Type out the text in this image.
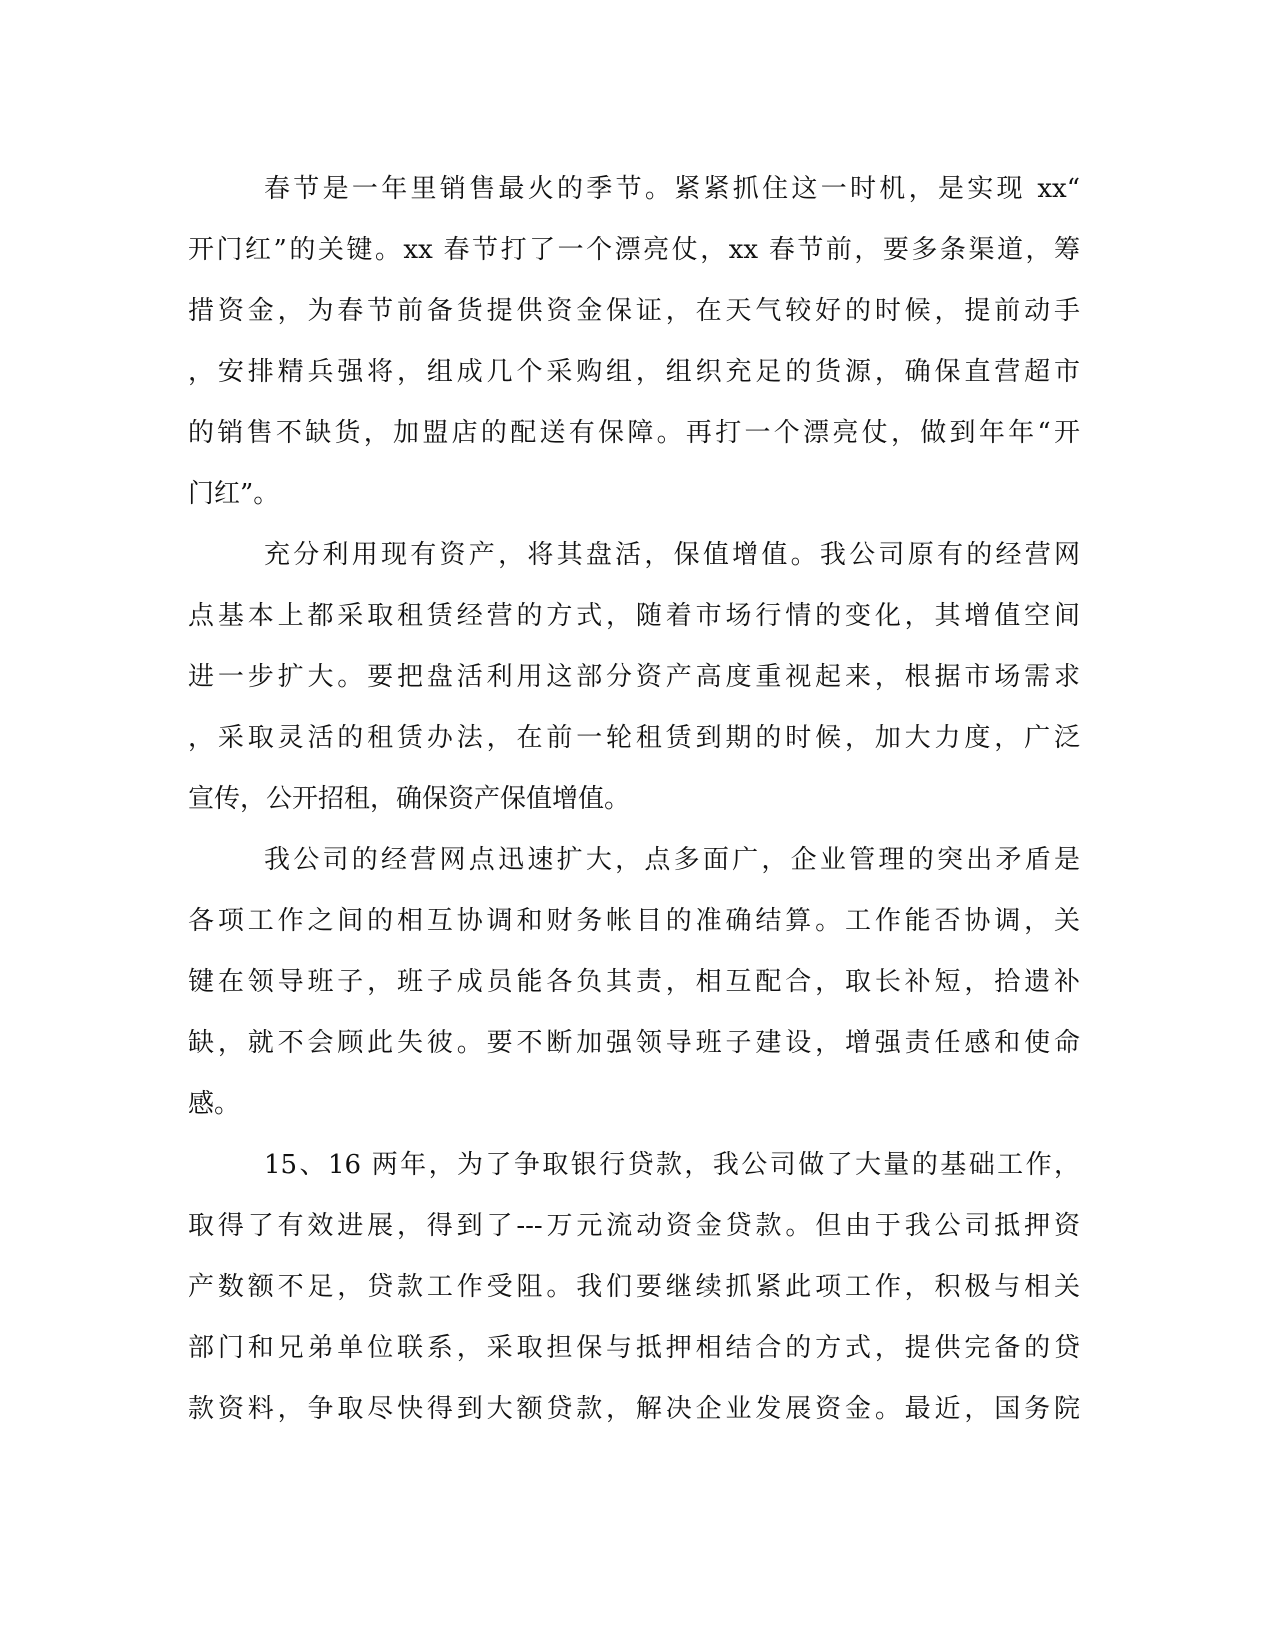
春节是一年里销售最火的季节。紧紧抓住这一时机，是实现 xx“
开门红”的关键。xx 春节打了一个漂亮仗，xx 春节前，要多条渠道，筹
措资金，为春节前备货提供资金保证，在天气较好的时候，提前动手
，安排精兵强将，组成几个采购组，组织充足的货源，确保直营超市
的销售不缺货，加盟店的配送有保障。再打一个漂亮仗，做到年年“开
门红”。
充分利用现有资产，将其盘活，保值增值。我公司原有的经营网
点基本上都采取租赁经营的方式，随着市场行情的变化，其增值空间
进一步扩大。要把盘活利用这部分资产高度重视起来，根据市场需求
，采取灵活的租赁办法，在前一轮租赁到期的时候，加大力度，广泛
宣传，公开招租，确保资产保值增值。
我公司的经营网点迅速扩大，点多面广，企业管理的突出矛盾是
各项工作之间的相互协调和财务帐目的准确结算。工作能否协调，关
键在领导班子，班子成员能各负其责，相互配合，取长补短，拾遗补
缺，就不会顾此失彼。要不断加强领导班子建设，增强责任感和使命
感。
15、16 两年，为了争取银行贷款，我公司做了大量的基础工作，
取得了有效进展，得到了---万元流动资金贷款。但由于我公司抵押资
产数额不足，贷款工作受阻。我们要继续抓紧此项工作，积极与相关
部门和兄弟单位联系，采取担保与抵押相结合的方式，提供完备的贷
款资料，争取尽快得到大额贷款，解决企业发展资金。最近，国务院
